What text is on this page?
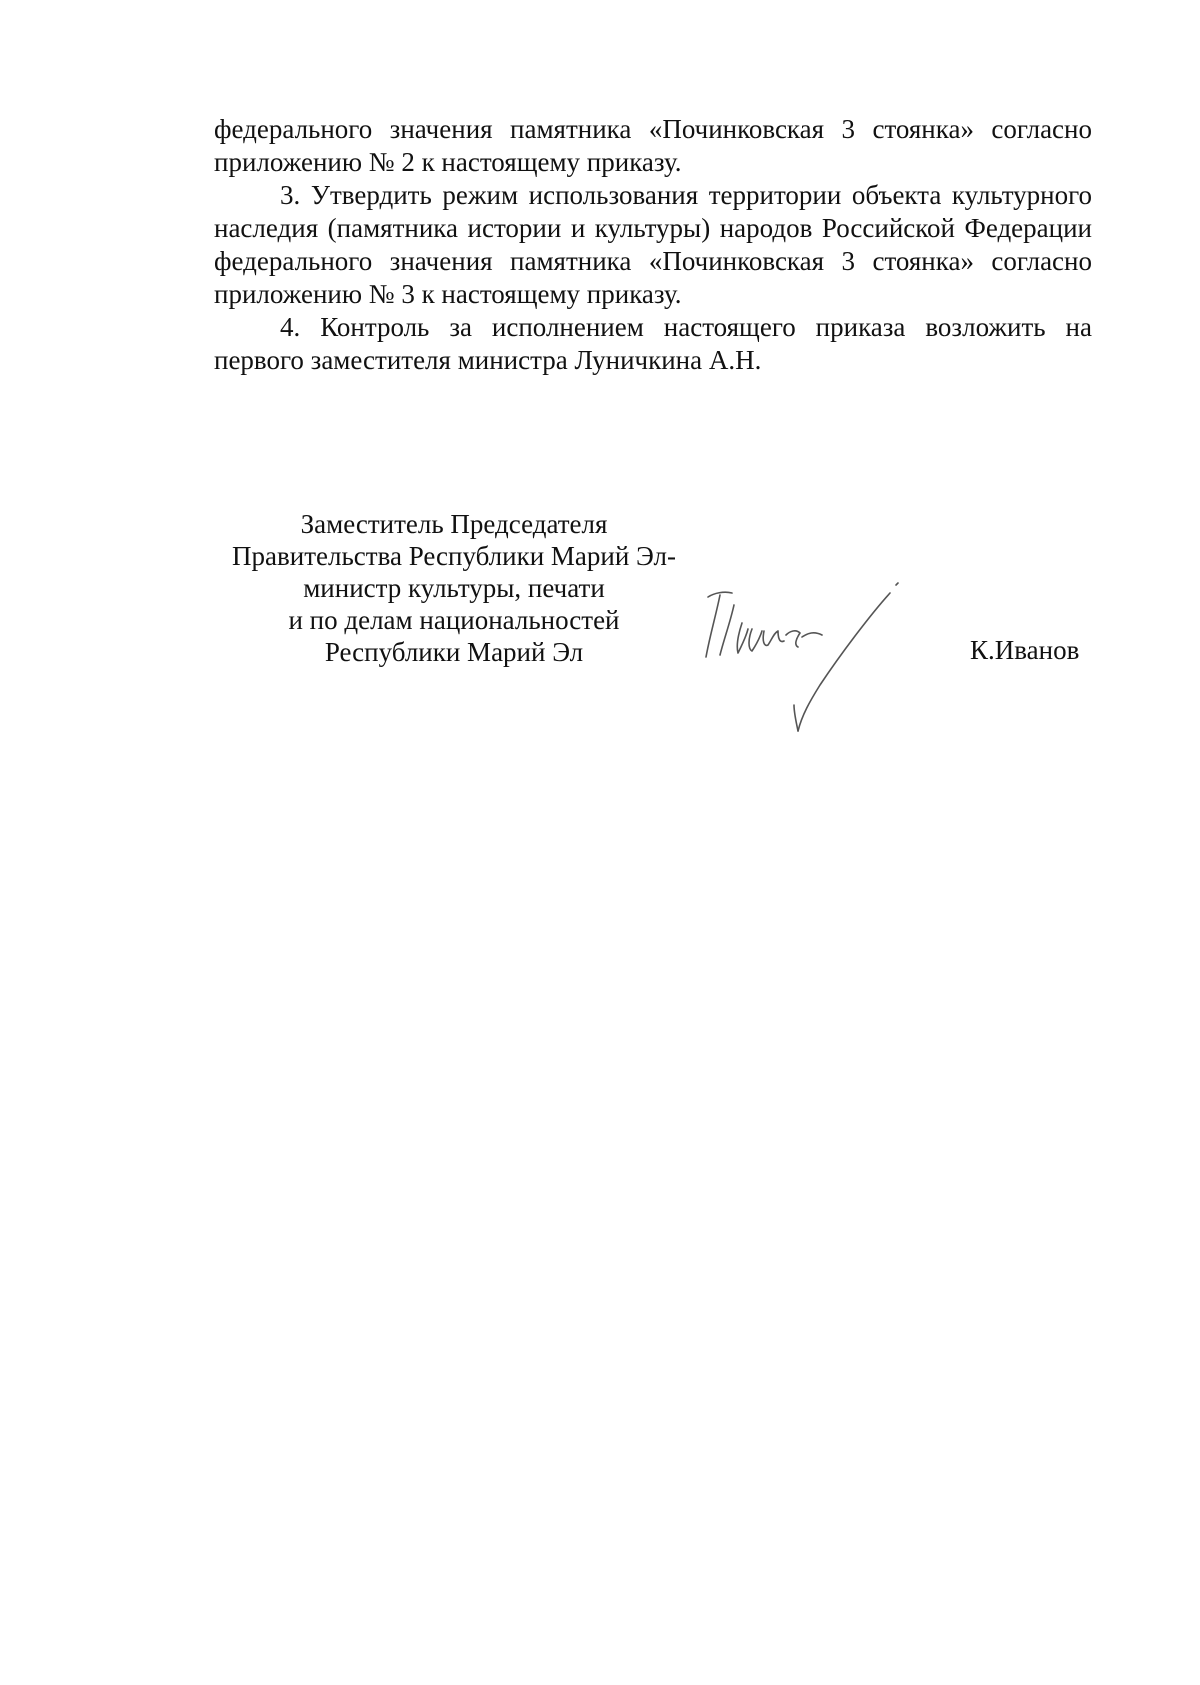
федерального значения памятника «Починковская 3 стоянка» согласно приложению № 2 к настоящему приказу.

3. Утвердить режим использования территории объекта культурного наследия (памятника истории и культуры) народов Российской Федерации федерального значения памятника «Починковская 3 стоянка» согласно приложению № 3 к настоящему приказу.

4. Контроль за исполнением настоящего приказа возложить на первого заместителя министра Луничкина А.Н.

Заместитель Председателя
Правительства Республики Марий Эл-
министр культуры, печати
и по делам национальностей
Республики Марий Эл	К.Иванов
